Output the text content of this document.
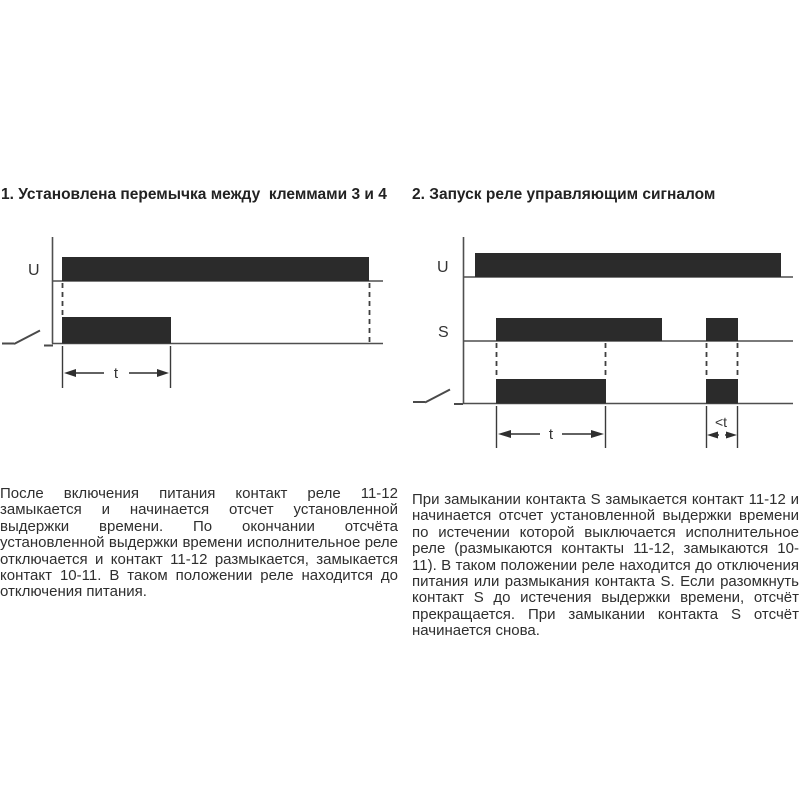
1. Установлена перемычка между  клеммами 3 и 4	2. Запуск реле управляющим сигналом
U
t
U
S
t
<t

После включения питания контакт реле 11-12 замыкается и начинается отсчет установленной выдержки времени. По окончании отсчёта установленной выдержки времени исполнительное реле отключается и контакт 11-12 размыкается, замыкается контакт 10-11. В таком положении реле находится до отключения питания.

При замыкании контакта S замыкается контакт 11-12 и начинается отсчет установленной выдержки времени по истечении которой выключается исполнительное реле (размыкаются контакты 11-12, замыкаются 10-11). В таком положении реле находится до отключения питания или размыкания контакта S. Если разомкнуть контакт S до истечения выдержки времени, отсчёт прекращается. При замыкании контакта S отсчёт начинается снова.
